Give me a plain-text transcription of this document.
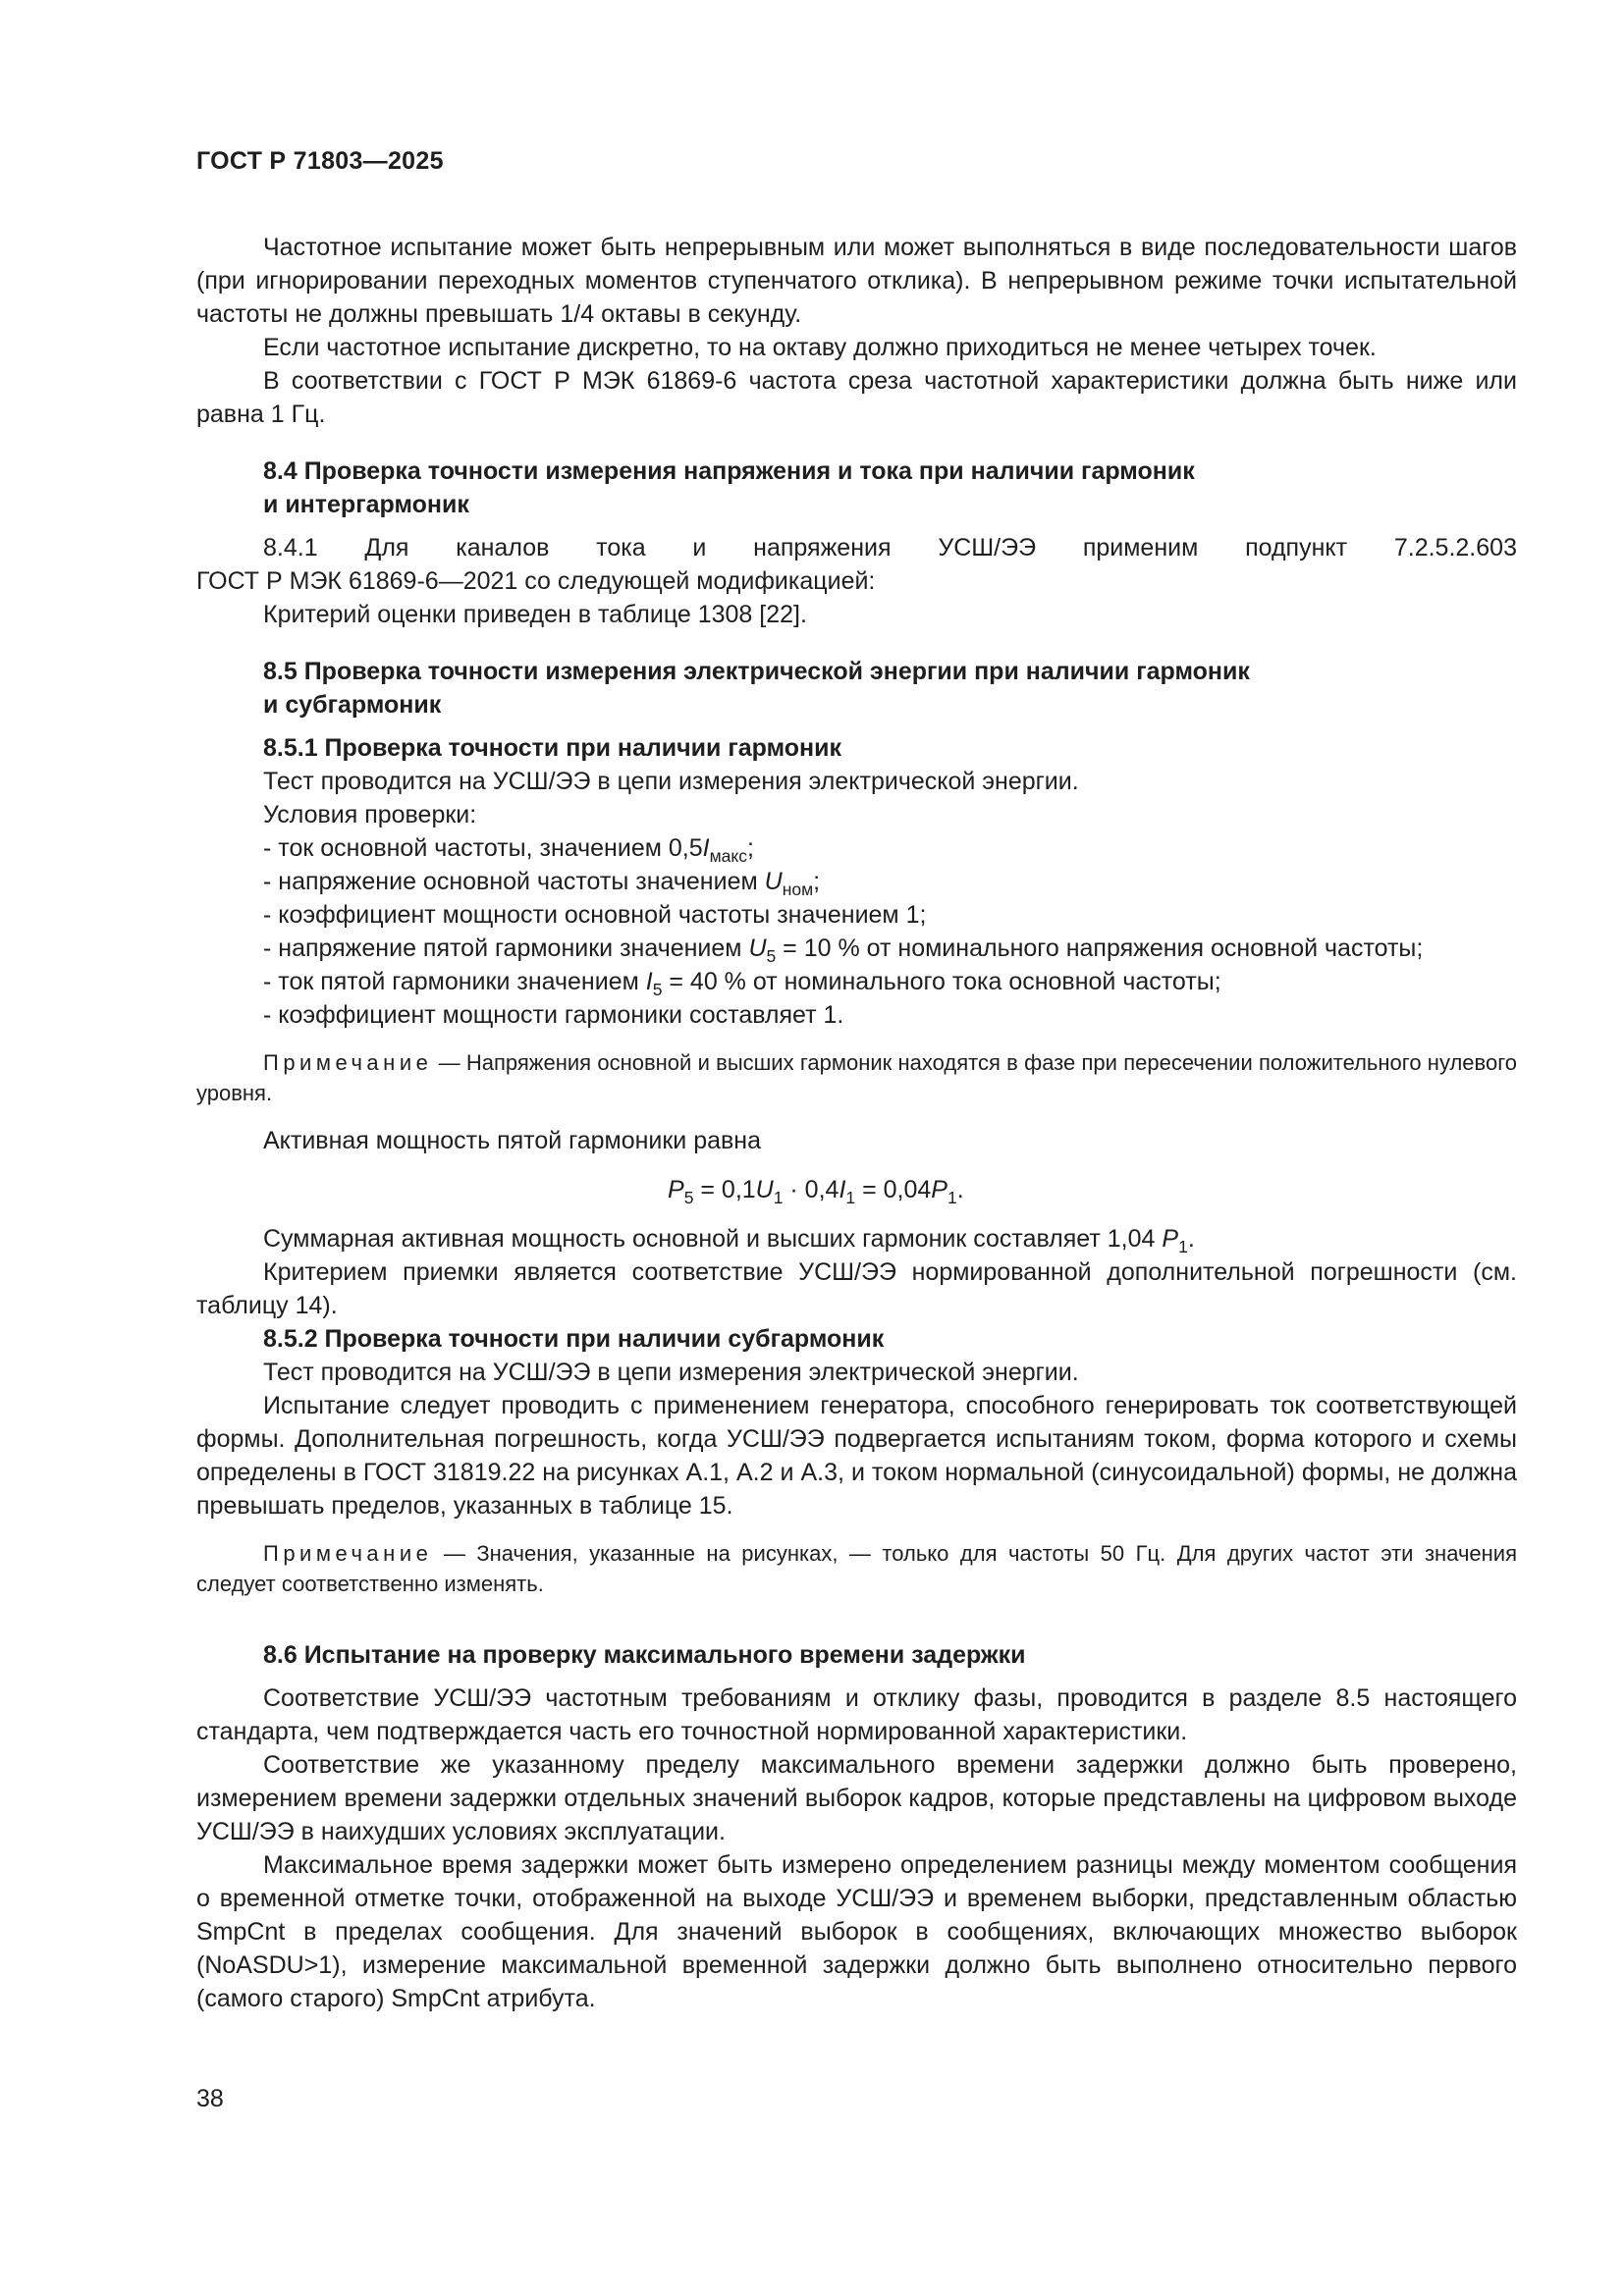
ГОСТ Р 71803—2025

Частотное испытание может быть непрерывным или может выполняться в виде последовательности шагов (при игнорировании переходных моментов ступенчатого отклика). В непрерывном режиме точки испытательной частоты не должны превышать 1/4 октавы в секунду.

Если частотное испытание дискретно, то на октаву должно приходиться не менее четырех точек.

В соответствии с ГОСТ Р МЭК 61869-6 частота среза частотной характеристики должна быть ниже или равна 1 Гц.

8.4 Проверка точности измерения напряжения и тока при наличии гармоник
и интергармоник
8.4.1 Для каналов тока и напряжения УСШ/ЭЭ применим подпункт 7.2.5.2.603

ГОСТ Р МЭК 61869-6—2021 со следующей модификацией:

Критерий оценки приведен в таблице 1308 [22].

8.5 Проверка точности измерения электрической энергии при наличии гармоник
и субгармоник
8.5.1 Проверка точности при наличии гармоник

Тест проводится на УСШ/ЭЭ в цепи измерения электрической энергии.

Условия проверки:

- ток основной частоты, значением $0,5I_{макс}$;

- напряжение основной частоты значением $U_{ном}$;

- коэффициент мощности основной частоты значением 1;

- напряжение пятой гармоники значением $U_5 = 10$ % от номинального напряжения основной частоты;

- ток пятой гармоники значением $I_5 = 40$ % от номинального тока основной частоты;

- коэффициент мощности гармоники составляет 1.

Примечание — Напряжения основной и высших гармоник находятся в фазе при пересечении положительного нулевого уровня.

Активная мощность пятой гармоники равна

$P_5 = 0,1U_1 \cdot 0,4I_1 = 0,04P_1$.

Суммарная активная мощность основной и высших гармоник составляет 1,04 $P_1$.

Критерием приемки является соответствие УСШ/ЭЭ нормированной дополнительной погрешности (см. таблицу 14).

8.5.2 Проверка точности при наличии субгармоник

Тест проводится на УСШ/ЭЭ в цепи измерения электрической энергии.

Испытание следует проводить с применением генератора, способного генерировать ток соответствующей формы. Дополнительная погрешность, когда УСШ/ЭЭ подвергается испытаниям током, форма которого и схемы определены в ГОСТ 31819.22 на рисунках А.1, А.2 и А.3, и током нормальной (синусоидальной) формы, не должна превышать пределов, указанных в таблице 15.

Примечание — Значения, указанные на рисунках, — только для частоты 50 Гц. Для других частот эти значения следует соответственно изменять.

8.6 Испытание на проверку максимального времени задержки

Соответствие УСШ/ЭЭ частотным требованиям и отклику фазы, проводится в разделе 8.5 настоящего стандарта, чем подтверждается часть его точностной нормированной характеристики.

Соответствие же указанному пределу максимального времени задержки должно быть проверено, измерением времени задержки отдельных значений выборок кадров, которые представлены на цифровом выходе УСШ/ЭЭ в наихудших условиях эксплуатации.

Максимальное время задержки может быть измерено определением разницы между моментом сообщения о временной отметке точки, отображенной на выходе УСШ/ЭЭ и временем выборки, представленным областью SmpCnt в пределах сообщения. Для значений выборок в сообщениях, включающих множество выборок (NoASDU>1), измерение максимальной временной задержки должно быть выполнено относительно первого (самого старого) SmpCnt атрибута.

38
